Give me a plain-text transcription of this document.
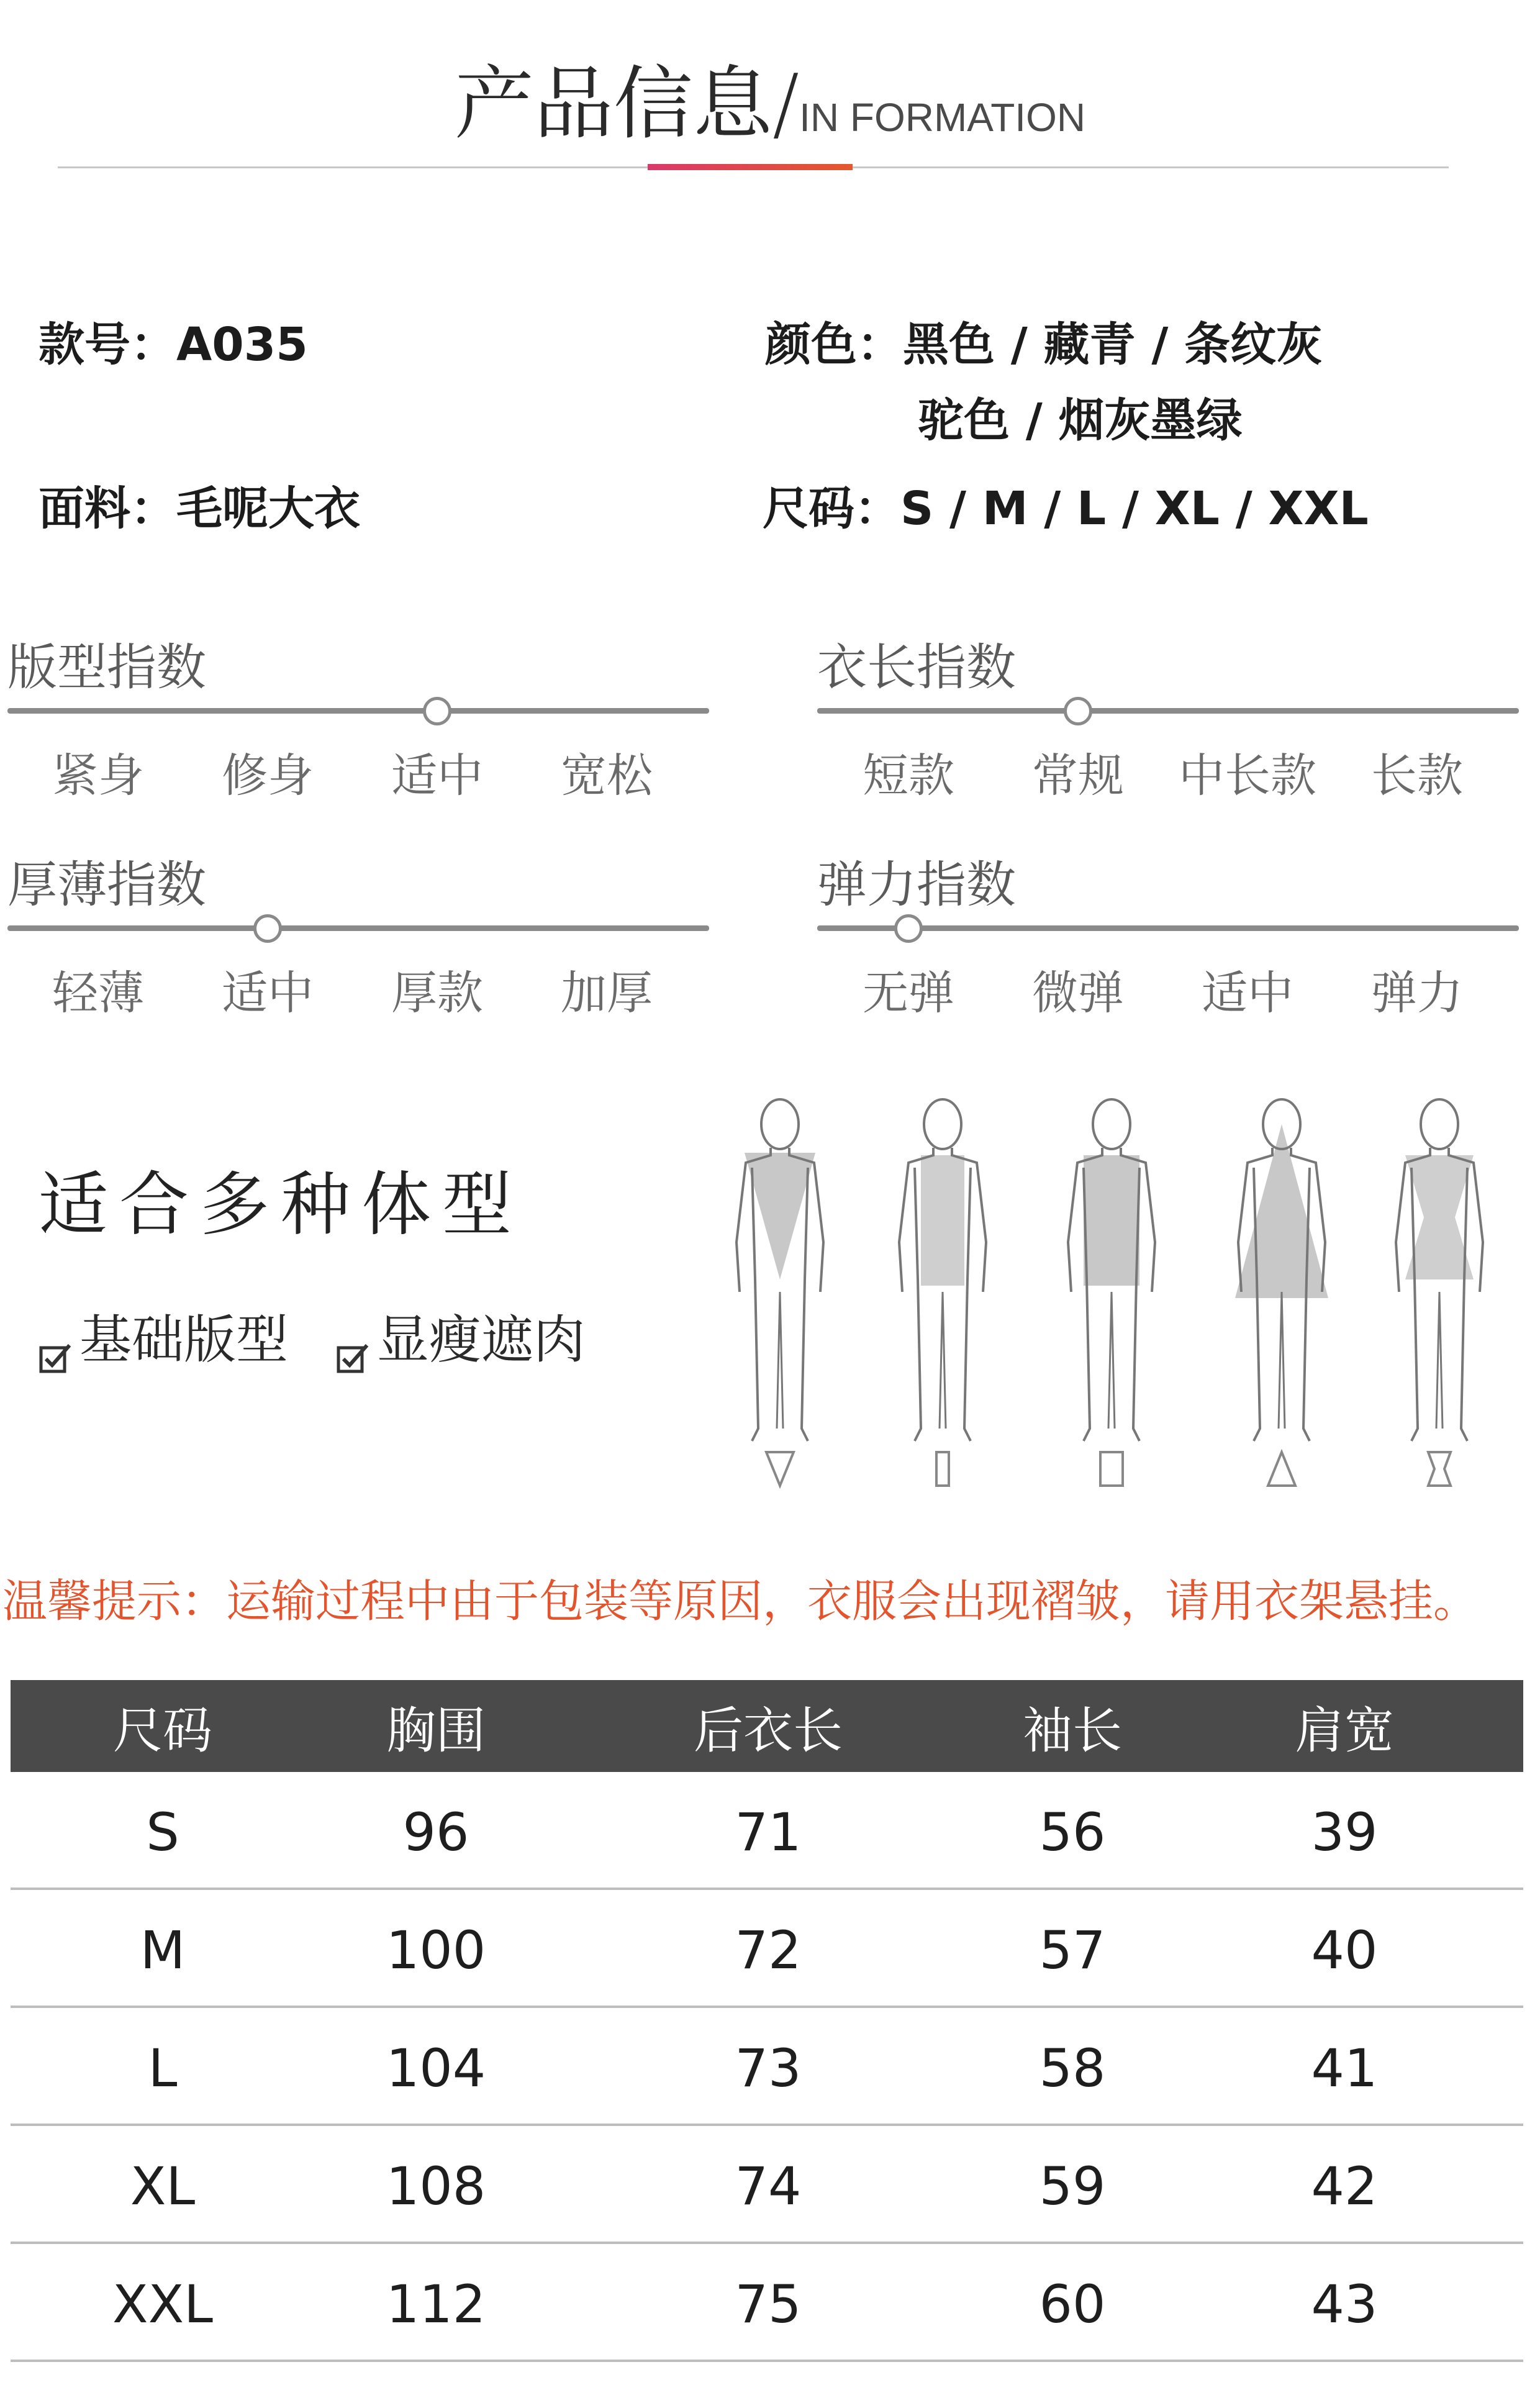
产品信息/IN FORMATION
款号：A035
面料：毛呢大衣
颜色：黑色 / 藏青 / 条纹灰
驼色 / 烟灰墨绿
尺码：S / M / L / XL / XXL
版型指数
紧身	修身	适中	宽松
衣长指数
短款	常规	中长款	长款
厚薄指数
轻薄	适中	厚款	加厚
弹力指数
无弹	微弹	适中	弹力
适合多种体型
基础版型 显瘦遮肉
温馨提示：运输过程中由于包装等原因，衣服会出现褶皱，请用衣架悬挂。
尺码	胸围	后衣长	袖长	肩宽
S	96	71	56	39
M	100	72	57	40
L	104	73	58	41
XL	108	74	59	42
XXL	112	75	60	43
